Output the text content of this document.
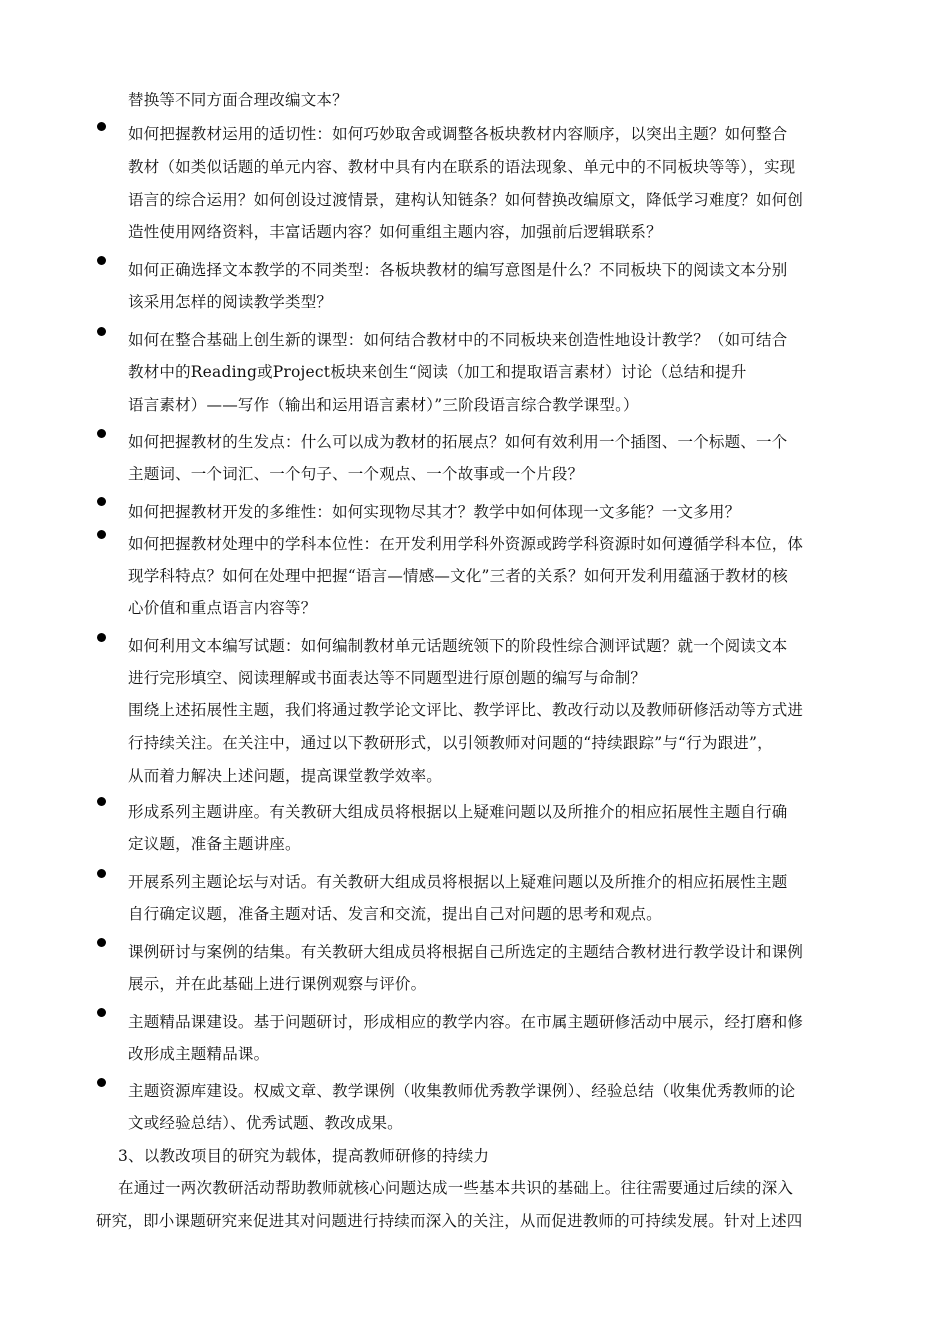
替换等不同方面合理改编文本？
如何把握教材运用的适切性：如何巧妙取舍或调整各板块教材内容顺序，以突出主题？如何整合
教材（如类似话题的单元内容、教材中具有内在联系的语法现象、单元中的不同板块等等），实现
语言的综合运用？如何创设过渡情景，建构认知链条？如何替换改编原文，降低学习难度？如何创
造性使用网络资料，丰富话题内容？如何重组主题内容，加强前后逻辑联系？
如何正确选择文本教学的不同类型：各板块教材的编写意图是什么？不同板块下的阅读文本分别
该采用怎样的阅读教学类型？
如何在整合基础上创生新的课型：如何结合教材中的不同板块来创造性地设计教学？（如可结合
教材中的Reading或Project板块来创生“阅读（加工和提取语言素材）讨论（总结和提升
语言素材）——写作（输出和运用语言素材）”三阶段语言综合教学课型。）
如何把握教材的生发点：什么可以成为教材的拓展点？如何有效利用一个插图、一个标题、一个
主题词、一个词汇、一个句子、一个观点、一个故事或一个片段？
如何把握教材开发的多维性：如何实现物尽其才？教学中如何体现一文多能？一文多用？
如何把握教材处理中的学科本位性：在开发利用学科外资源或跨学科资源时如何遵循学科本位，体
现学科特点？如何在处理中把握“语言—情感—文化”三者的关系？如何开发利用蕴涵于教材的核
心价值和重点语言内容等？
如何利用文本编写试题：如何编制教材单元话题统领下的阶段性综合测评试题？就一个阅读文本
进行完形填空、阅读理解或书面表达等不同题型进行原创题的编写与命制？
围绕上述拓展性主题，我们将通过教学论文评比、教学评比、教改行动以及教师研修活动等方式进
行持续关注。在关注中，通过以下教研形式，以引领教师对问题的“持续跟踪”与“行为跟进”，
从而着力解决上述问题，提高课堂教学效率。
形成系列主题讲座。有关教研大组成员将根据以上疑难问题以及所推介的相应拓展性主题自行确
定议题，准备主题讲座。
开展系列主题论坛与对话。有关教研大组成员将根据以上疑难问题以及所推介的相应拓展性主题
自行确定议题，准备主题对话、发言和交流，提出自己对问题的思考和观点。
课例研讨与案例的结集。有关教研大组成员将根据自己所选定的主题结合教材进行教学设计和课例
展示，并在此基础上进行课例观察与评价。
主题精品课建设。基于问题研讨，形成相应的教学内容。在市属主题研修活动中展示，经打磨和修
改形成主题精品课。
主题资源库建设。权威文章、教学课例（收集教师优秀教学课例）、经验总结（收集优秀教师的论
文或经验总结）、优秀试题、教改成果。
3、以教改项目的研究为载体，提高教师研修的持续力
在通过一两次教研活动帮助教师就核心问题达成一些基本共识的基础上。往往需要通过后续的深入
研究，即小课题研究来促进其对问题进行持续而深入的关注，从而促进教师的可持续发展。针对上述四
